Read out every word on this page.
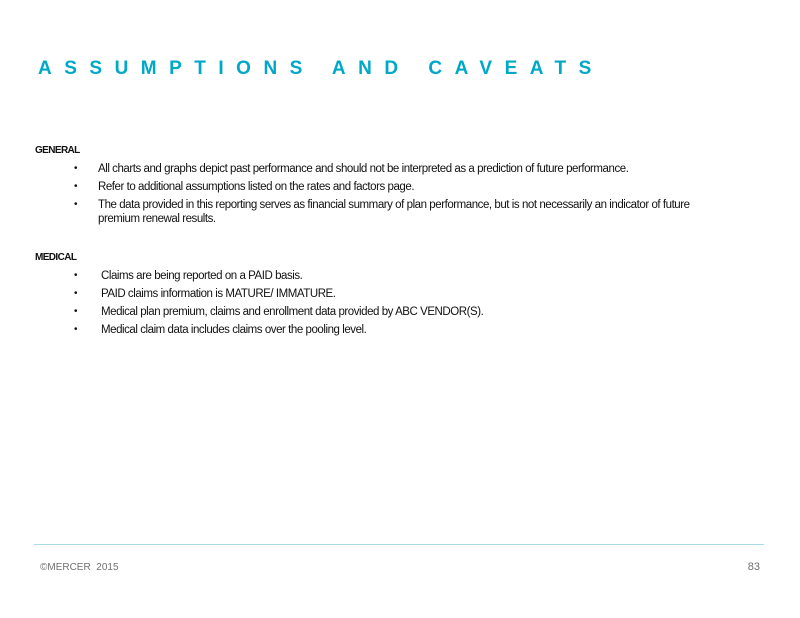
ASSUMPTIONS AND CAVEATS
GENERAL
• All charts and graphs depict past performance and should not be interpreted as a prediction of future performance.
• Refer to additional assumptions listed on the rates and factors page.
• The data provided in this reporting serves as financial summary of plan performance, but is not necessarily an indicator of future premium renewal results.
MEDICAL
• Claims are being reported on a PAID basis.
• PAID claims information is MATURE/ IMMATURE.
• Medical plan premium, claims and enrollment data provided by ABC VENDOR(S).
• Medical claim data includes claims over the pooling level.
©MERCER  2015	83
